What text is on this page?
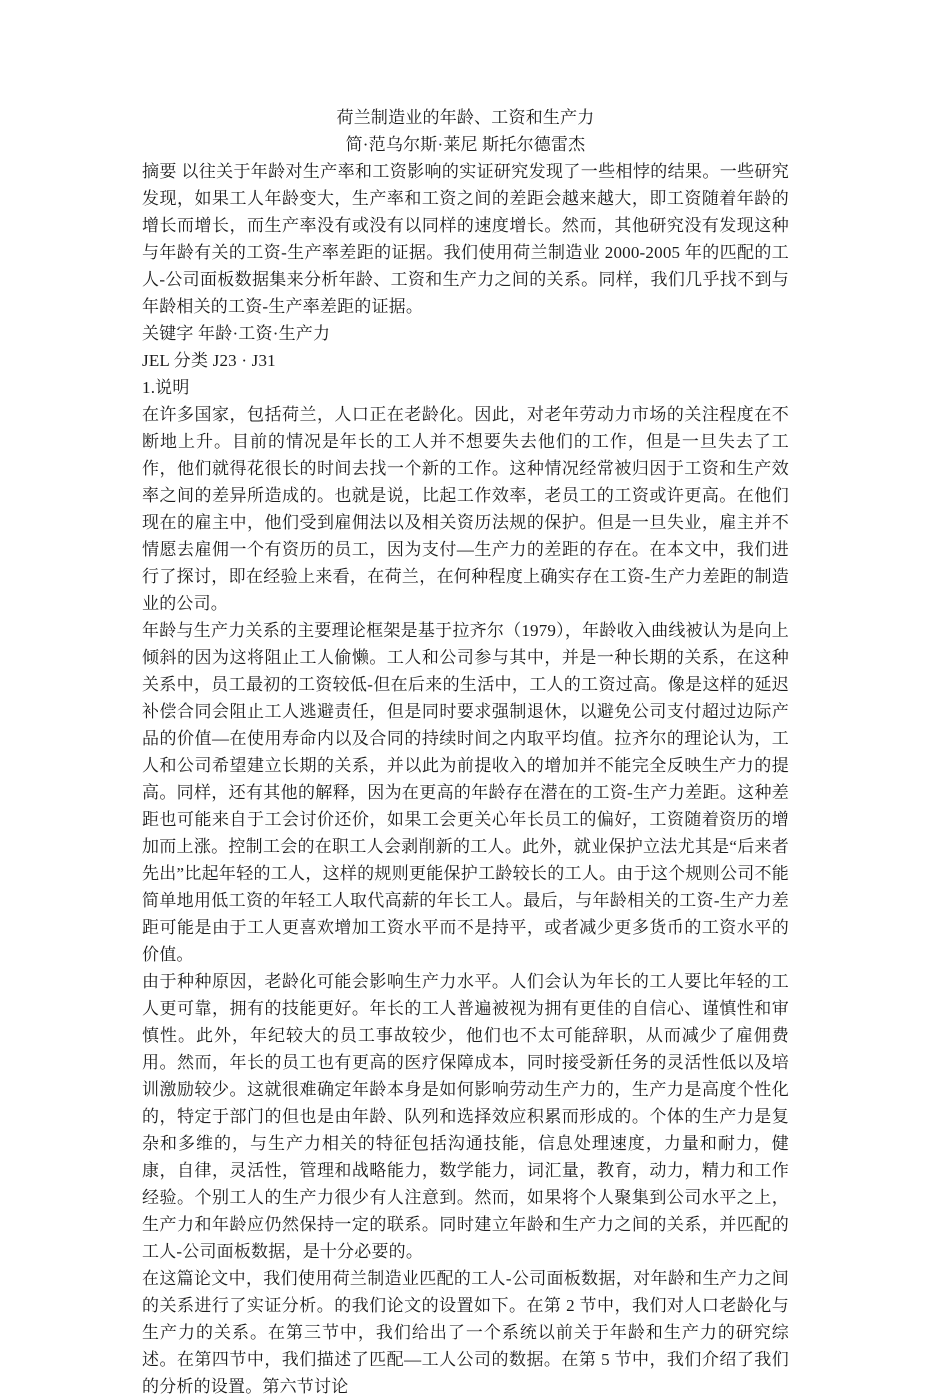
荷兰制造业的年龄、工资和生产力

简·范乌尔斯·莱尼 斯托尔德雷杰

摘要 以往关于年龄对生产率和工资影响的实证研究发现了一些相悖的结果。一些研究发现，如果工人年龄变大，生产率和工资之间的差距会越来越大，即工资随着年龄的增长而增长，而生产率没有或没有以同样的速度增长。然而，其他研究没有发现这种与年龄有关的工资-生产率差距的证据。我们使用荷兰制造业 2000-2005 年的匹配的工人-公司面板数据集来分析年龄、工资和生产力之间的关系。同样，我们几乎找不到与年龄相关的工资-生产率差距的证据。

关键字 年龄·工资·生产力

JEL 分类 J23 · J31

1.说明

在许多国家，包括荷兰，人口正在老龄化。因此，对老年劳动力市场的关注程度在不断地上升。目前的情况是年长的工人并不想要失去他们的工作，但是一旦失去了工作，他们就得花很长的时间去找一个新的工作。这种情况经常被归因于工资和生产效率之间的差异所造成的。也就是说，比起工作效率，老员工的工资或许更高。在他们现在的雇主中，他们受到雇佣法以及相关资历法规的保护。但是一旦失业，雇主并不情愿去雇佣一个有资历的员工，因为支付—生产力的差距的存在。在本文中，我们进行了探讨，即在经验上来看，在荷兰，在何种程度上确实存在工资-生产力差距的制造业的公司。

年龄与生产力关系的主要理论框架是基于拉齐尔（1979），年龄收入曲线被认为是向上倾斜的因为这将阻止工人偷懒。工人和公司参与其中，并是一种长期的关系，在这种关系中，员工最初的工资较低-但在后来的生活中，工人的工资过高。像是这样的延迟补偿合同会阻止工人逃避责任，但是同时要求强制退休，以避免公司支付超过边际产品的价值—在使用寿命内以及合同的持续时间之内取平均值。拉齐尔的理论认为，工人和公司希望建立长期的关系，并以此为前提收入的增加并不能完全反映生产力的提高。同样，还有其他的解释，因为在更高的年龄存在潜在的工资-生产力差距。这种差距也可能来自于工会讨价还价，如果工会更关心年长员工的偏好，工资随着资历的增加而上涨。控制工会的在职工人会剥削新的工人。此外，就业保护立法尤其是“后来者先出”比起年轻的工人，这样的规则更能保护工龄较长的工人。由于这个规则公司不能简单地用低工资的年轻工人取代高薪的年长工人。最后，与年龄相关的工资-生产力差距可能是由于工人更喜欢增加工资水平而不是持平，或者减少更多货币的工资水平的价值。

由于种种原因，老龄化可能会影响生产力水平。人们会认为年长的工人要比年轻的工人更可靠，拥有的技能更好。年长的工人普遍被视为拥有更佳的自信心、谨慎性和审慎性。此外，年纪较大的员工事故较少，他们也不太可能辞职，从而减少了雇佣费用。然而，年长的员工也有更高的医疗保障成本，同时接受新任务的灵活性低以及培训激励较少。这就很难确定年龄本身是如何影响劳动生产力的，生产力是高度个性化的，特定于部门的但也是由年龄、队列和选择效应积累而形成的。个体的生产力是复杂和多维的，与生产力相关的特征包括沟通技能，信息处理速度，力量和耐力，健康，自律，灵活性，管理和战略能力，数学能力，词汇量，教育，动力，精力和工作经验。个别工人的生产力很少有人注意到。然而，如果将个人聚集到公司水平之上，生产力和年龄应仍然保持一定的联系。同时建立年龄和生产力之间的关系，并匹配的工人-公司面板数据，是十分必要的。

在这篇论文中，我们使用荷兰制造业匹配的工人-公司面板数据，对年龄和生产力之间的关系进行了实证分析。的我们论文的设置如下。在第 2 节中，我们对人口老龄化与生产力的关系。在第三节中，我们给出了一个系统以前关于年龄和生产力的研究综述。在第四节中，我们描述了匹配—工人公司的数据。在第 5 节中，我们介绍了我们的分析的设置。第六节讨论
